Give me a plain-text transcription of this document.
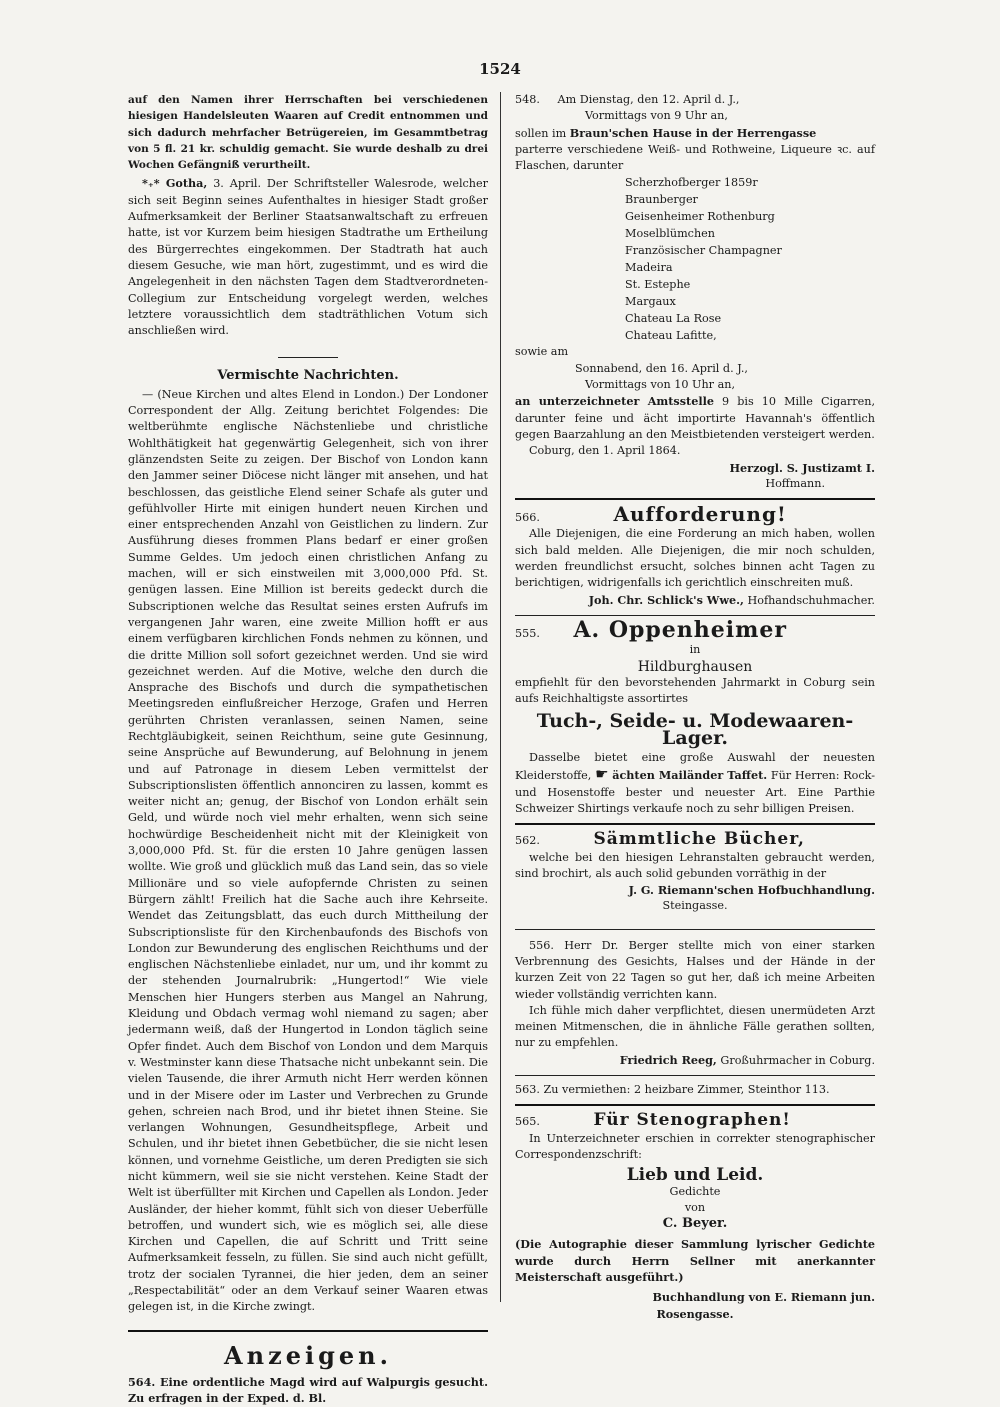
1524

auf den Namen ihrer Herrschaften bei verschiedenen hiesigen Handelsleuten Waaren auf Credit entnommen und sich dadurch mehrfacher Betrügereien, im Gesammtbetrag von 5 fl. 21 kr. schuldig gemacht. Sie wurde deshalb zu drei Wochen Gefängniß verurtheilt.

*₊* Gotha, 3. April. Der Schriftsteller Walesrode, welcher sich seit Beginn seines Aufenthaltes in hiesiger Stadt großer Aufmerksamkeit der Berliner Staatsanwaltschaft zu erfreuen hatte, ist vor Kurzem beim hiesigen Stadtrathe um Ertheilung des Bürgerrechtes eingekommen. Der Stadtrath hat auch diesem Gesuche, wie man hört, zugestimmt, und es wird die Angelegenheit in den nächsten Tagen dem Stadtverordneten-Collegium zur Entscheidung vorgelegt werden, welches letztere voraussichtlich dem stadträthlichen Votum sich anschließen wird.

Vermischte Nachrichten.

— (Neue Kirchen und altes Elend in London.) Der Londoner Correspondent der Allg. Zeitung berichtet Folgendes: Die weltberühmte englische Nächstenliebe und christliche Wohlthätigkeit hat gegenwärtig Gelegenheit, sich von ihrer glänzendsten Seite zu zeigen. Der Bischof von London kann den Jammer seiner Diöcese nicht länger mit ansehen, und hat beschlossen, das geistliche Elend seiner Schafe als guter und gefühlvoller Hirte mit einigen hundert neuen Kirchen und einer entsprechenden Anzahl von Geistlichen zu lindern. Zur Ausführung dieses frommen Plans bedarf er einer großen Summe Geldes. Um jedoch einen christlichen Anfang zu machen, will er sich einstweilen mit 3,000,000 Pfd. St. genügen lassen. Eine Million ist bereits gedeckt durch die Subscriptionen welche das Resultat seines ersten Aufrufs im vergangenen Jahr waren, eine zweite Million hofft er aus einem verfügbaren kirchlichen Fonds nehmen zu können, und die dritte Million soll sofort gezeichnet werden. Und sie wird gezeichnet werden. Auf die Motive, welche den durch die Ansprache des Bischofs und durch die sympathetischen Meetingsreden einflußreicher Herzoge, Grafen und Herren gerührten Christen veranlassen, seinen Namen, seine Rechtgläubigkeit, seinen Reichthum, seine gute Gesinnung, seine Ansprüche auf Bewunderung, auf Belohnung in jenem und auf Patronage in diesem Leben vermittelst der Subscriptionslisten öffentlich annonciren zu lassen, kommt es weiter nicht an; genug, der Bischof von London erhält sein Geld, und würde noch viel mehr erhalten, wenn sich seine hochwürdige Bescheidenheit nicht mit der Kleinigkeit von 3,000,000 Pfd. St. für die ersten 10 Jahre genügen lassen wollte. Wie groß und glücklich muß das Land sein, das so viele Millionäre und so viele aufopfernde Christen zu seinen Bürgern zählt! Freilich hat die Sache auch ihre Kehrseite. Wendet das Zeitungsblatt, das euch durch Mittheilung der Subscriptionsliste für den Kirchenbaufonds des Bischofs von London zur Bewunderung des englischen Reichthums und der englischen Nächstenliebe einladet, nur um, und ihr kommt zu der stehenden Journalrubrik: „Hungertod!“ Wie viele Menschen hier Hungers sterben aus Mangel an Nahrung, Kleidung und Obdach vermag wohl niemand zu sagen; aber jedermann weiß, daß der Hungertod in London täglich seine Opfer findet. Auch dem Bischof von London und dem Marquis v. Westminster kann diese Thatsache nicht unbekannt sein. Die vielen Tausende, die ihrer Armuth nicht Herr werden können und in der Misere oder im Laster und Verbrechen zu Grunde gehen, schreien nach Brod, und ihr bietet ihnen Steine. Sie verlangen Wohnungen, Gesundheitspflege, Arbeit und Schulen, und ihr bietet ihnen Gebetbücher, die sie nicht lesen können, und vornehme Geistliche, um deren Predigten sie sich nicht kümmern, weil sie sie nicht verstehen. Keine Stadt der Welt ist überfüllter mit Kirchen und Capellen als London. Jeder Ausländer, der hieher kommt, fühlt sich von dieser Ueberfülle betroffen, und wundert sich, wie es möglich sei, alle diese Kirchen und Capellen, die auf Schritt und Tritt seine Aufmerksamkeit fesseln, zu füllen. Sie sind auch nicht gefüllt, trotz der socialen Tyrannei, die hier jeden, dem an seiner „Respectabilität“ oder an dem Verkauf seiner Waaren etwas gelegen ist, in die Kirche zwingt.

Anzeigen.

564. Eine ordentliche Magd wird auf Walpurgis gesucht. Zu erfragen in der Exped. d. Bl.

548. Am Dienstag, den 12. April d. J.,

Vormittags von 9 Uhr an,

sollen im Braun'schen Hause in der Herrengasse

parterre verschiedene Weiß- und Rothweine, Liqueure ꝛc. auf Flaschen, darunter

Scherzhofberger 1859r

Braunberger

Geisenheimer Rothenburg

Moselblümchen

Französischer Champagner

Madeira

St. Estephe

Margaux

Chateau La Rose

Chateau Lafitte,

sowie am

Sonnabend, den 16. April d. J.,

Vormittags von 10 Uhr an,

an unterzeichneter Amtsstelle 9 bis 10 Mille Cigarren, darunter feine und ächt importirte Havannah's öffentlich gegen Baarzahlung an den Meistbietenden versteigert werden.

Coburg, den 1. April 1864.

Herzogl. S. Justizamt I.

Hoffmann.

566.	Aufforderung!

Alle Diejenigen, die eine Forderung an mich haben, wollen sich bald melden. Alle Diejenigen, die mir noch schulden, werden freundlichst ersucht, solches binnen acht Tagen zu berichtigen, widrigenfalls ich gerichtlich einschreiten muß.

Joh. Chr. Schlick's Wwe., Hofhandschuhmacher.

555. A. Oppenheimer

in

Hildburghausen

empfiehlt für den bevorstehenden Jahrmarkt in Coburg sein aufs Reichhaltigste assortirtes

Tuch-, Seide- u. Modewaaren-Lager.

Dasselbe bietet eine große Auswahl der neuesten Kleiderstoffe, ☛ ächten Mailänder Taffet. Für Herren: Rock- und Hosenstoffe bester und neuester Art. Eine Parthie Schweizer Shirtings verkaufe noch zu sehr billigen Preisen.

562.	Sämmtliche Bücher,

welche bei den hiesigen Lehranstalten gebraucht werden, sind brochirt, als auch solid gebunden vorräthig in der

J. G. Riemann'schen Hofbuchhandlung.

Steingasse.

556. Herr Dr. Berger stellte mich von einer starken Verbrennung des Gesichts, Halses und der Hände in der kurzen Zeit von 22 Tagen so gut her, daß ich meine Arbeiten wieder vollständig verrichten kann.

Ich fühle mich daher verpflichtet, diesen unermüdeten Arzt meinen Mitmenschen, die in ähnliche Fälle gerathen sollten, nur zu empfehlen.

Friedrich Reeg, Großuhrmacher in Coburg.

563. Zu vermiethen: 2 heizbare Zimmer, Steinthor 113.

565.	Für Stenographen!

In Unterzeichneter erschien in correkter stenographischer Correspondenzschrift:

Lieb und Leid.

Gedichte

von

C. Beyer.

(Die Autographie dieser Sammlung lyrischer Gedichte wurde durch Herrn Sellner mit anerkannter Meisterschaft ausgeführt.)

Buchhandlung von E. Riemann jun.

Rosengasse.
